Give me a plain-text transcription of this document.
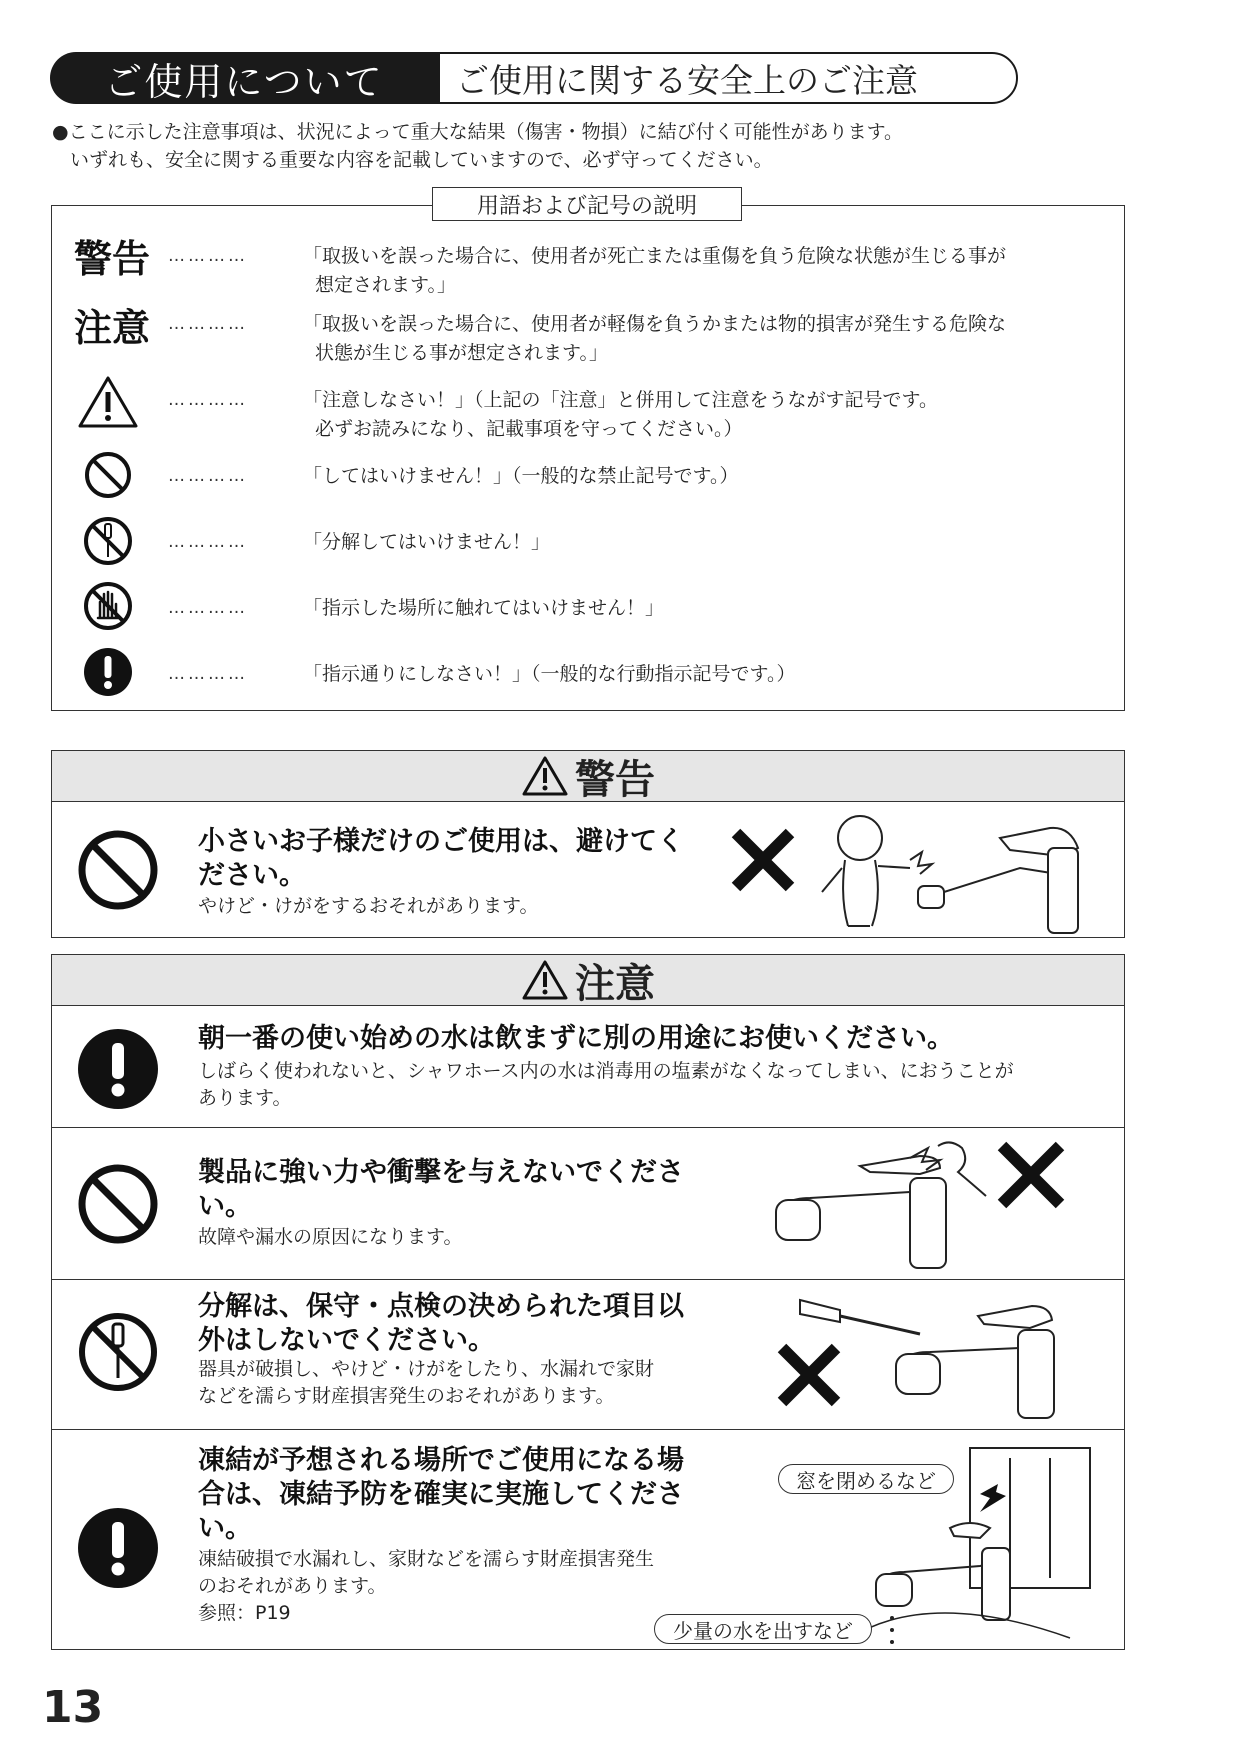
ご使用について	ご使用に関する安全上のご注意
●ここに示した注意事項は、状況によって重大な結果（傷害・物損）に結び付く可能性があります。
いずれも、安全に関する重要な内容を記載していますので、必ず守ってください。
用語および記号の説明
警告 …………	「取扱いを誤った場合に、使用者が死亡または重傷を負う危険な状態が生じる事が
想定されます。」
注意 …………	「取扱いを誤った場合に、使用者が軽傷を負うかまたは物的損害が発生する危険な
状態が生じる事が想定されます。」
…………	「注意しなさい！」（上記の「注意」と併用して注意をうながす記号です。
必ずお読みになり、記載事項を守ってください。）
…………	「してはいけません！」（一般的な禁止記号です。）
…………	「分解してはいけません！」
…………	「指示した場所に触れてはいけません！」
…………	「指示通りにしなさい！」（一般的な行動指示記号です。）
警告
小さいお子様だけのご使用は、避けてく
ださい。
やけど・けがをするおそれがあります。
注意
朝一番の使い始めの水は飲まずに別の用途にお使いください。
しばらく使われないと、シャワホース内の水は消毒用の塩素がなくなってしまい、におうことが
あります。
製品に強い力や衝撃を与えないでくださ
い。
故障や漏水の原因になります。
分解は、保守・点検の決められた項目以
外はしないでください。
器具が破損し、やけど・けがをしたり、水漏れで家財
などを濡らす財産損害発生のおそれがあります。
凍結が予想される場所でご使用になる場
合は、凍結予防を確実に実施してくださ
い。
凍結破損で水漏れし、家財などを濡らす財産損害発生
のおそれがあります。
参照：P19
窓を閉めるなど
少量の水を出すなど
13
